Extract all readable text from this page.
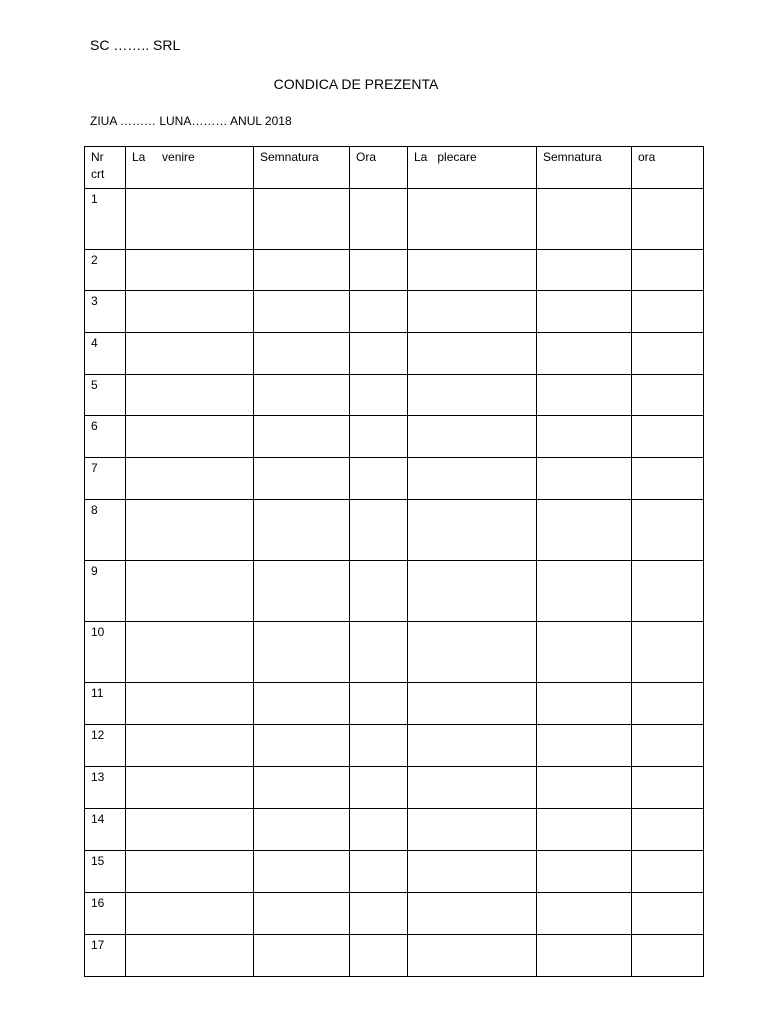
SC …….. SRL
CONDICA DE PREZENTA
ZIUA ……… LUNA……… ANUL 2018
Nr
crt	La     venire	Semnatura	Ora	La   plecare	Semnatura	ora
1						
2						
3						
4						
5						
6						
7						
8						
9						
10						
11						
12						
13						
14						
15						
16						
17						
